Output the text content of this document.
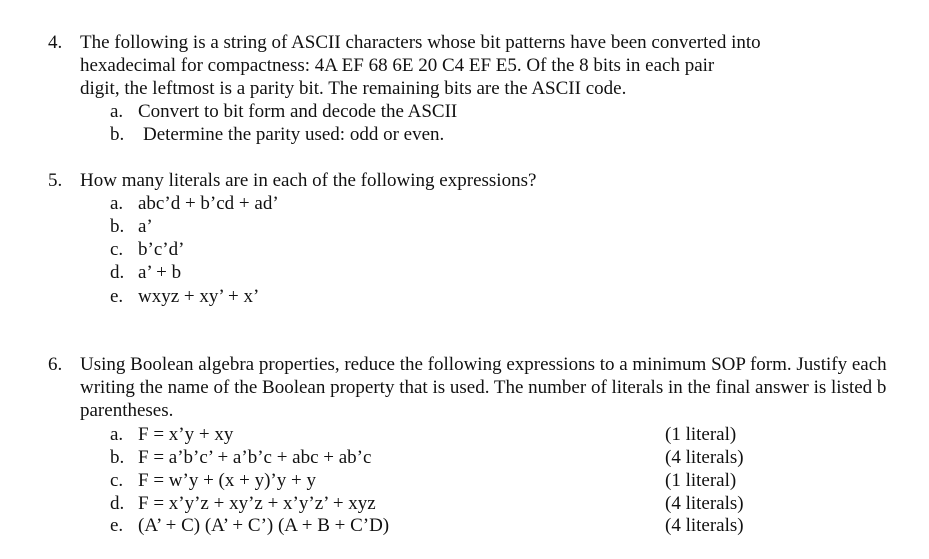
4. The following is a string of ASCII characters whose bit patterns have been converted into
hexadecimal for compactness: 4A EF 68 6E 20 C4 EF E5. Of the 8 bits in each pair
digit, the leftmost is a parity bit. The remaining bits are the ASCII code.
a. Convert to bit form and decode the ASCII
b. Determine the parity used: odd or even.
5. How many literals are in each of the following expressions?
a. abc’d + b’cd + ad’
b. a’
c. b’c’d’
d. a’ + b
e. wxyz + xy’ + x’
6. Using Boolean algebra properties, reduce the following expressions to a minimum SOP form. Justify each
writing the name of the Boolean property that is used. The number of literals in the final answer is listed b
parentheses.
a. F = x’y + xy	(1 literal)
b. F = a’b’c’ + a’b’c + abc + ab’c	(4 literals)
c. F = w’y + (x + y)’y + y	(1 literal)
d. F = x’y’z + xy’z + x’y’z’ + xyz	(4 literals)
e. (A’ + C) (A’ + C’) (A + B + C’D)	(4 literals)
